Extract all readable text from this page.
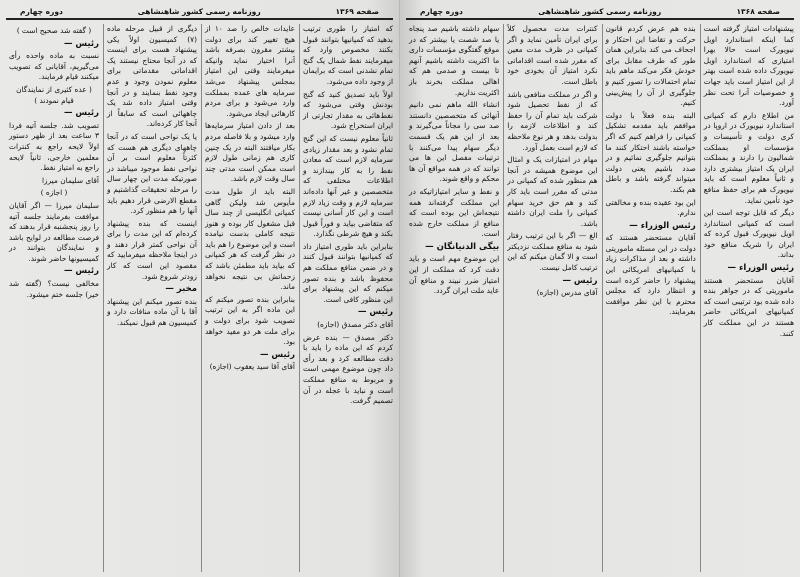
صفحه ۱۳۶۹
روزنامه رسمی کشور شاهنشاهی
دوره چهارم

که امتیاز را طوری ترتیب بدهید که کمپانیها بتوانند قبول بکنند مخصوص وارد که میفرمایند نفط شمال یک گنج تمام نشدنی است که برایمان از وجود داده می‌شود.

اولاً باید تصدیق کنید که گنج بودنش وقتی می‌شود که نفط‌هائی به مقدار تجارتی از ایران استخراج شود.

ثانیاً معلوم نیست که این گنج تمام نشود و بعد مقدار زیادی سرمایه لازم است که معادن نفط را به کار بیندازند و اطلاعات مختلفی که متخصصین و غیر آنها داده‌اند سرمایه لازم و وقت زیاد لازم است و این کار آسانی نیست که متقاضی بیاید و فوراً قبول بکند و هیچ شرطی نگذارد.

بنابراین باید طوری امتیاز داد که کمپانیها بتوانند قبول کنند و در ضمن منافع مملکت هم محفوظ باشد و بنده تصور میکنم که این پیشنهاد برای این منظور کافی است.

رئیس —

آقای دکتر مصدق (اجازه)

دکتر مصدق — بنده عرض کردم که این ماده را باید با دقت مطالعه کرد و بعد رأی داد چون موضوع مهمی است و مربوط به منافع مملکت است و نباید با عجله در آن تصمیم گرفت.

عایدات خالص را صد ۱۰ از هیچ تغییر کند برای دولت بیشتر مقرون بصرفه باشد آنرا اختیار نماید وانیکه میفرمایند وقتی این امتیاز بمجلس پیشنهاد می‌شد سرمایه های عمده بمملکت وارد می‌شود و برای مردم کارهائی ایجاد می‌شود.

بعد از دادن امتیاز سرمایه‌ها وارد میشود و بلا فاصله مردم بکار میافتند البته در یک چنین کاری هم زمانی طول لازم است ممکن است مدتی چند سال وقت لازم باشد.

البته باید از طول مدت مأیوس شد ولیکن گاهی کمپانی انگلیسی از چند سال قبل مشغول کار بوده و هنوز نتیجه کاملی بدست نیامده است و این موضوع را هم باید در نظر گرفت که هر کمپانی که بیاید باید مطمئن باشد که زحماتش بی نتیجه نخواهد ماند.

بنابراین بنده تصور میکنم که این ماده اگر به این ترتیب تصویب شود برای دولت و برای ملت هر دو مفید خواهد بود.

رئیس —

آقای آقا سید یعقوب (اجازه)

دیگری از قبیل مرحله ماده (۷) کمیسیون اولاً یکی پیشنهاد هست برای اینست که در آنجا محتاج نیستند یک اقداماتی مقدماتی برای معلوم نمودن وجود و عدم وجود نفط بنمایند و در آنجا وقتی امتیاز داده شد یک چاههائی است که سابقاً از آنجا کار کرده‌اند.

یا یک نواحی است که در آنجا چاههای دیگری هم هست که کثرتاً معلوم است بر آن نواحی نفط موجود میباشد در صورتیکه مدت این چهار سال را مرحله تحقیقات گذاشتیم و مقطع الارضی قرار دهیم باید آنها را هم منظور کرد.

اینست که بنده پیشنهاد کرده‌ام که این مدت را برای آن نواحی کمتر قرار دهند و در اینجا ملاحظه میفرمایید که مقصود این است که کار زودتر شروع شود.

مخبر —

بنده تصور میکنم این پیشنهاد آقا با آن ماده منافات دارد و کمیسیون هم قبول نمیکند.

( گفته شد صحیح است )

رئیس —

نسبت به ماده واحده رأی می‌گیریم، آقایانی که تصویب میکنند قیام فرمایند.

( عده کثیری از نمایندگان قیام نمودند )

رئیس —

تصویب شد. جلسه آتیه فردا ۳ ساعت بعد از ظهر دستور اولاً لایحه راجع به کنترات معلمین خارجی، ثانیاً لایحه راجع به امتیاز نفط.

آقای سلیمان میرزا

( اجازه )

سلیمان میرزا — اگر آقایان موافقت بفرمایند جلسه آتیه را روز پنجشنبه قرار بدهند که فرصت مطالعه در لوایح باشد و نمایندگان بتوانند در کمیسیونها حاضر شوند.

رئیس —

مخالفی نیست؟ (گفته شد خیر) جلسه ختم میشود.

صفحه ۱۳۶۸
روزنامه رسمی کشور شاهنشاهی
دوره چهارم

پیشنهادات امتیاز گرفته است کما اینکه استاندارد اویل نیویورک است حالا بهرا امتیازی که استاندارد اویل نیویورک داده شده است بهتر از این امتیاز است باید جهات و خصوصیات آنرا تحت نظر آورد.

من اطلاع دارم که کمپانی استاندارد نیویورک در اروپا در کری دولت و تأسیسات و مؤسسات او بمملکت شمالیون را دارند و بمملکت ایران یک امتیاز بیشتری دارد و ثانیاً معلوم است که باید نیویورک هم برای حفظ منافع خود تأمین نماید.

دیگر که قابل توجه است این است که کمپانی استاندارد اویل نیویورک قبول کرده که ایران را شریک منافع خود بداند.

رئیس الوزراء —

آقایان مستحضر هستند ماموریتی که در جواهر بنده داده شده بود ترتیبی است که کمپانیهای امریکائی حاضر هستند در این مملکت کار کنند.

بنده هم عرض کردم قانون حرکت و تقاضا این احتکار و اجحاف می کند بنابراین همان طور که طرف مقابل برای خودش فکر می‌کند ماهم باید تمام احتمالات را تصور کنیم و جلوگیری از آن را پیش‌بینی کنیم.

البته بنده فعلاً با دولت موافقم باید مقدمه تشکیل کمپانی را فراهم کنیم که اگر خواسته باشند احتکار کنند ما بتوانیم جلوگیری نمائیم و در صدد باشیم یعنی دولت میتواند گرفته باشد و باطل هم بکند.

این بود عقیده بنده و مخالفتی ندارم.

رئیس الوزراء —

آقایان مستحضر هستند که دولت در این مسئله ماموریتی داشته و بعد از مذاکرات زیاد با کمپانیهای امریکائی این پیشنهاد را حاضر کرده است و انتظار دارد که مجلس محترم با این نظر موافقت بفرمایند.

کنترات مدت محصول کلاً برای ایران تأمین نماید و اگر کمپانی در ظرف مدت معین که مقرر شده است اقداماتی نکرد امتیاز آن بخودی خود باطل است.

و اگر در مملکت منافعی باشد که از نفط تحصیل شود شرکت باید تمام آن را حفظ کند و اطلاعات لازمه را بدولت بدهد و هر نوع ملاحظه که لازم است بعمل آورد.

مهام در امتیازات یک و امثال این موضوع همیشه در آنجا هم منظور شده که کمپانی در مدتی که مقرر است باید کار کند و هم حق خرید سهام کمپانی را ملت ایران داشته باشد.

الغ — اگر با این ترتیب رفتار شود به منافع مملکت نزدیکتر است و الا گمان میکنم که این ترتیب کامل نیست.

رئیس —

آقای مدرس (اجازه)

سهام داشته باشیم صد پنجاه یا صد شصت یا بیشتر که در موقع گفتگوی مؤسسات داری ما اکثریت داشته باشیم آنهم تا بیست و صدمی هم که اهالی مملکت بخرند باز اکثریت نداریم.

انشاء الله ماهم نمی دانیم آنهائی که متخصصین دانستند صد سی را مجاناً می‌گیرند و بعد از این هم یک قسمت دیگر سهام پیدا می‌کنند با ترتیبات مفصل این ها می توانند که در همه مواقع آن ها محکم و واقع شوند.

و نفط و سایر امتیازاتیکه در این مملکت گرفته‌اند همه نتیجه‌اش این بوده است که منافع از مملکت خارج شده است.

بیگی الدنیانگان —

این موضوع مهم است و باید دقت کرد که مملکت از این امتیاز ضرر نبیند و منافع آن عاید ملت ایران گردد.
